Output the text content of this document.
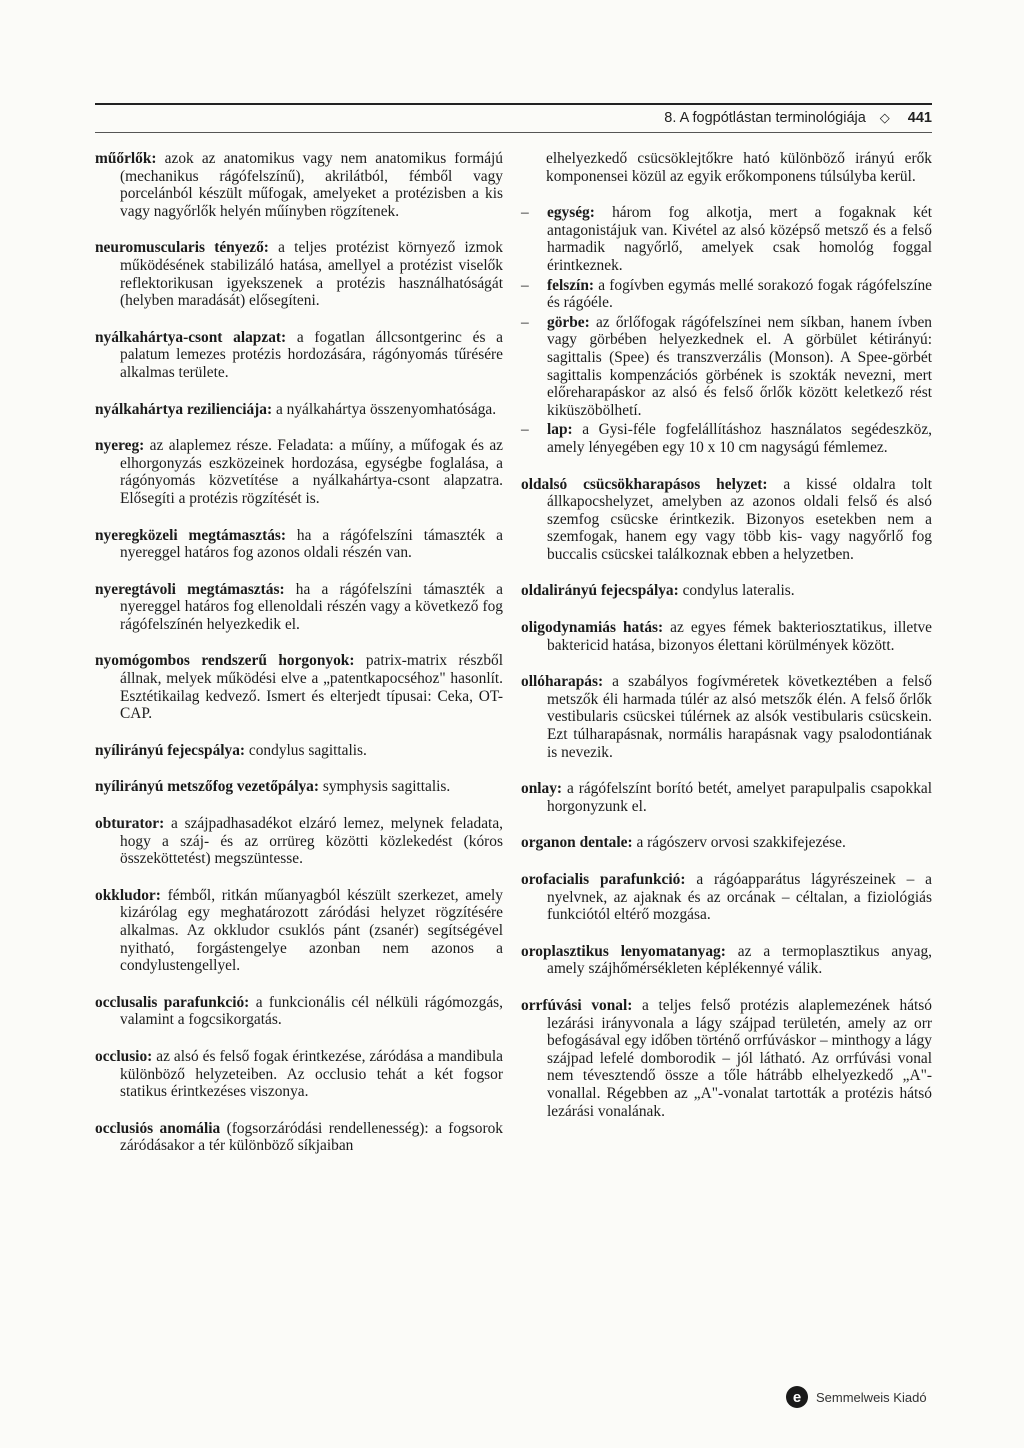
8. A fogpótlástan terminológiája ◇ 441

műőrlők: azok az anatomikus vagy nem anatomikus formájú (mechanikus rágófelszínű), akrilátból, fémből vagy porcelánból készült műfogak, amelyeket a protézisben a kis vagy nagyőrlők helyén műínyben rögzítenek.

neuromuscularis tényező: a teljes protézist környező izmok működésének stabilizáló hatása, amellyel a protézist viselők reflektorikusan igyekszenek a protézis használhatóságát (helyben maradását) elősegíteni.

nyálkahártya-csont alapzat: a fogatlan állcsontgerinc és a palatum lemezes protézis hordozására, rágónyomás tűrésére alkalmas területe.

nyálkahártya rezilienciája: a nyálkahártya összenyomhatósága.

nyereg: az alaplemez része. Feladata: a műíny, a műfogak és az elhorgonyzás eszközeinek hordozása, egységbe foglalása, a rágónyomás közvetítése a nyálkahártya-csont alapzatra. Elősegíti a protézis rögzítését is.

nyeregközeli megtámasztás: ha a rágófelszíni támaszték a nyereggel határos fog azonos oldali részén van.

nyeregtávoli megtámasztás: ha a rágófelszíni támaszték a nyereggel határos fog ellenoldali részén vagy a következő fog rágófelszínén helyezkedik el.

nyomógombos rendszerű horgonyok: patrix-matrix részből állnak, melyek működési elve a „patentkapocséhoz" hasonlít. Esztétikailag kedvező. Ismert és elterjedt típusai: Ceka, OT-CAP.

nyílirányú fejecspálya: condylus sagittalis.

nyílirányú metszőfog vezetőpálya: symphysis sagittalis.

obturator: a szájpadhasadékot elzáró lemez, melynek feladata, hogy a száj- és az orrüreg közötti közlekedést (kóros összeköttetést) megszüntesse.

okkludor: fémből, ritkán műanyagból készült szerkezet, amely kizárólag egy meghatározott záródási helyzet rögzítésére alkalmas. Az okkludor csuklós pánt (zsanér) segítségével nyitható, forgástengelye azonban nem azonos a condylustengellyel.

occlusalis parafunkció: a funkcionális cél nélküli rágómozgás, valamint a fogcsikorgatás.

occlusio: az alsó és felső fogak érintkezése, záródása a mandibula különböző helyzeteiben. Az occlusio tehát a két fogsor statikus érintkezéses viszonya.

occlusiós anomália (fogsorzáródási rendellenesség): a fogsorok záródásakor a tér különböző síkjaiban

elhelyezkedő csücsöklejtőkre ható különböző irányú erők komponensei közül az egyik erőkomponens túlsúlyba kerül.

–	egység: három fog alkotja, mert a fogaknak két antagonistájuk van. Kivétel az alsó középső metsző és a felső harmadik nagyőrlő, amelyek csak homológ foggal érintkeznek.
–	felszín: a fogívben egymás mellé sorakozó fogak rágófelszíne és rágóéle.
–	görbe: az őrlőfogak rágófelszínei nem síkban, hanem ívben vagy görbében helyezkednek el. A görbület kétirányú: sagittalis (Spee) és transzverzális (Monson). A Spee-görbét sagittalis kompenzációs görbének is szokták nevezni, mert előreharapáskor az alsó és felső őrlők között keletkező rést kiküszöbölhetí.
–	lap: a Gysi-féle fogfelállításhoz használatos segédeszköz, amely lényegében egy 10 x 10 cm nagyságú fémlemez.

oldalsó csücsökharapásos helyzet: a kissé oldalra tolt állkapocshelyzet, amelyben az azonos oldali felső és alsó szemfog csücske érintkezik. Bizonyos esetekben nem a szemfogak, hanem egy vagy több kis- vagy nagyőrlő fog buccalis csücskei találkoznak ebben a helyzetben.

oldalirányú fejecspálya: condylus lateralis.

oligodynamiás hatás: az egyes fémek bakteriosztatikus, illetve baktericid hatása, bizonyos élettani körülmények között.

ollóharapás: a szabályos fogívméretek következtében a felső metszők éli harmada túlér az alsó metszők élén. A felső őrlők vestibularis csücskei túlérnek az alsók vestibularis csücskein. Ezt túlharapásnak, normális harapásnak vagy psalodontiának is nevezik.

onlay: a rágófelszínt borító betét, amelyet parapulpalis csapokkal horgonyzunk el.

organon dentale: a rágószerv orvosi szakkifejezése.

orofacialis parafunkció: a rágóapparátus lágyrészeinek – a nyelvnek, az ajaknak és az orcának – céltalan, a fiziológiás funkciótól eltérő mozgása.

oroplasztikus lenyomatanyag: az a termoplasztikus anyag, amely szájhőmérsékleten képlékennyé válik.

orrfúvási vonal: a teljes felső protézis alaplemezének hátsó lezárási irányvonala a lágy szájpad területén, amely az orr befogásával egy időben történő orrfúváskor – minthogy a lágy szájpad lefelé domborodik – jól látható. Az orrfúvási vonal nem tévesztendő össze a tőle hátrább elhelyezkedő „A"-vonallal. Régebben az „A"-vonalat tartották a protézis hátsó lezárási vonalának.

e	Semmelweis Kiadó
